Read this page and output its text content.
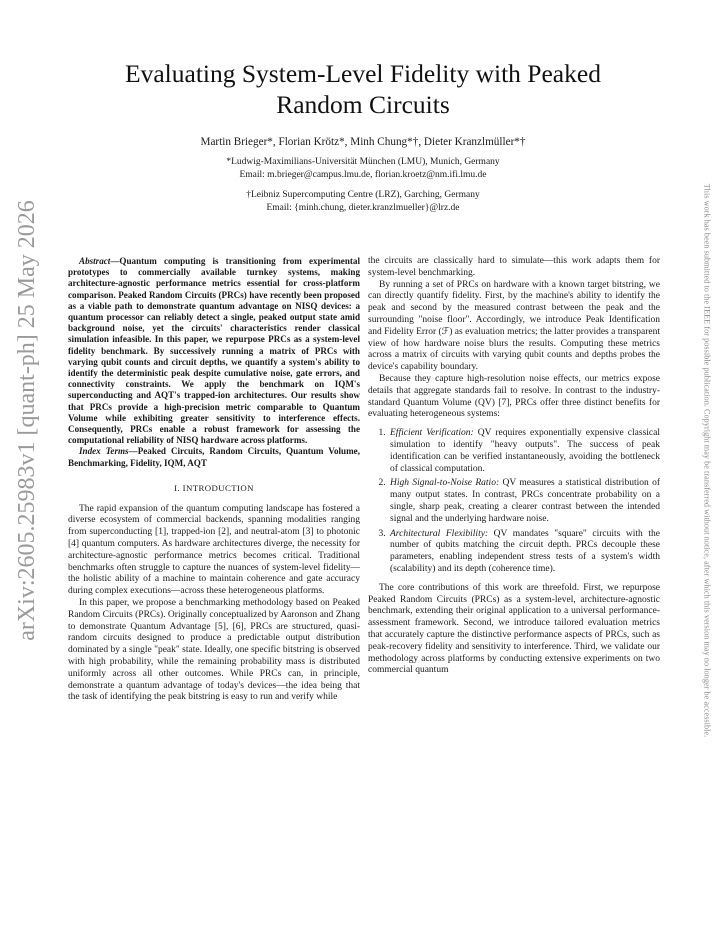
arXiv:2605.25983v1 [quant-ph] 25 May 2026	This work has been submitted to the IEEE for possible publication. Copyright may be transferred without notice, after which this version may no longer be accessible.
Evaluating System-Level Fidelity with Peaked
Random Circuits
Martin Brieger*, Florian Krötz*, Minh Chung*†, Dieter Kranzlmüller*†
*Ludwig-Maximilians-Universität München (LMU), Munich, Germany
Email: m.brieger@campus.lmu.de, florian.kroetz@nm.ifi.lmu.de
†Leibniz Supercomputing Centre (LRZ), Garching, Germany
Email: {minh.chung, dieter.kranzlmueller}@lrz.de

Abstract—Quantum computing is transitioning from experimental prototypes to commercially available turnkey systems, making architecture-agnostic performance metrics essential for cross-platform comparison. Peaked Random Circuits (PRCs) have recently been proposed as a viable path to demonstrate quantum advantage on NISQ devices: a quantum processor can reliably detect a single, peaked output state amid background noise, yet the circuits' characteristics render classical simulation infeasible. In this paper, we repurpose PRCs as a system-level fidelity benchmark. By successively running a matrix of PRCs with varying qubit counts and circuit depths, we quantify a system's ability to identify the deterministic peak despite cumulative noise, gate errors, and connectivity constraints. We apply the benchmark on IQM's superconducting and AQT's trapped-ion architectures. Our results show that PRCs provide a high-precision metric comparable to Quantum Volume while exhibiting greater sensitivity to interference effects. Consequently, PRCs enable a robust framework for assessing the computational reliability of NISQ hardware across platforms.

Index Terms—Peaked Circuits, Random Circuits, Quantum Volume, Benchmarking, Fidelity, IQM, AQT

I. INTRODUCTION

The rapid expansion of the quantum computing landscape has fostered a diverse ecosystem of commercial backends, spanning modalities ranging from superconducting [1], trapped-ion [2], and neutral-atom [3] to photonic [4] quantum computers. As hardware architectures diverge, the necessity for architecture-agnostic performance metrics becomes critical. Traditional benchmarks often struggle to capture the nuances of system-level fidelity—the holistic ability of a machine to maintain coherence and gate accuracy during complex executions—across these heterogeneous platforms.

In this paper, we propose a benchmarking methodology based on Peaked Random Circuits (PRCs). Originally conceptualized by Aaronson and Zhang to demonstrate Quantum Advantage [5], [6], PRCs are structured, quasi-random circuits designed to produce a predictable output distribution dominated by a single "peak" state. Ideally, one specific bitstring is observed with high probability, while the remaining probability mass is distributed uniformly across all other outcomes. While PRCs can, in principle, demonstrate a quantum advantage of today's devices—the idea being that the task of identifying the peak bitstring is easy to run and verify while

the circuits are classically hard to simulate—this work adapts them for system-level benchmarking.

By running a set of PRCs on hardware with a known target bitstring, we can directly quantify fidelity. First, by the machine's ability to identify the peak and second by the measured contrast between the peak and the surrounding "noise floor". Accordingly, we introduce Peak Identification and Fidelity Error (ℱ) as evaluation metrics; the latter provides a transparent view of how hardware noise blurs the results. Computing these metrics across a matrix of circuits with varying qubit counts and depths probes the device's capability boundary.

Because they capture high-resolution noise effects, our metrics expose details that aggregate standards fail to resolve. In contrast to the industry-standard Quantum Volume (QV) [7], PRCs offer three distinct benefits for evaluating heterogeneous systems:

1. Efficient Verification: QV requires exponentially expensive classical simulation to identify "heavy outputs". The success of peak identification can be verified instantaneously, avoiding the bottleneck of classical computation.
2. High Signal-to-Noise Ratio: QV measures a statistical distribution of many output states. In contrast, PRCs concentrate probability on a single, sharp peak, creating a clearer contrast between the intended signal and the underlying hardware noise.
3. Architectural Flexibility: QV mandates "square" circuits with the number of qubits matching the circuit depth. PRCs decouple these parameters, enabling independent stress tests of a system's width (scalability) and its depth (coherence time).

The core contributions of this work are threefold. First, we repurpose Peaked Random Circuits (PRCs) as a system-level, architecture-agnostic benchmark, extending their original application to a universal performance-assessment framework. Second, we introduce tailored evaluation metrics that accurately capture the distinctive performance aspects of PRCs, such as peak-recovery fidelity and sensitivity to interference. Third, we validate our methodology across platforms by conducting extensive experiments on two commercial quantum
